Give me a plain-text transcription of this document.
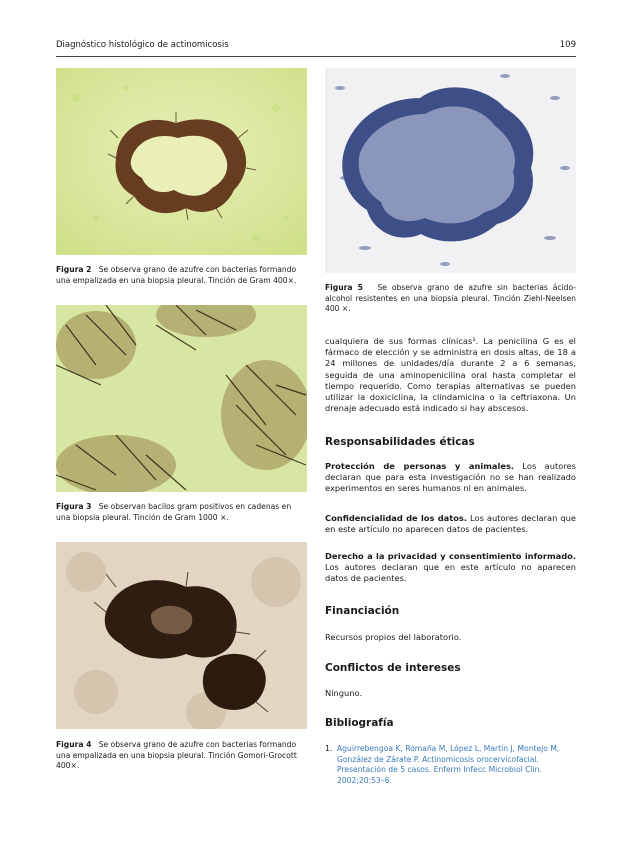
Diagnóstico histológico de actinomicosis	109
Figura 2 Se observa grano de azufre con bacterias formando una empalizada en una biopsia pleural. Tinción de Gram 400×.
Figura 3 Se observan bacilos gram positivos en cadenas en una biopsia pleural. Tinción de Gram 1000 ×.
Figura 4 Se observa grano de azufre con bacterias formando una empalizada en una biopsia pleural. Tinción Gomori-Grocott 400×.
Figura 5 Se observa grano de azufre sin bacterias ácido-alcohol resistentes en una biopsia pleural. Tinción Ziehl-Neelsen 400 ×.
cualquiera de sus formas clínicas¹. La penicilina G es el fármaco de elección y se administra en dosis altas, de 18 a 24 millones de unidades/día durante 2 a 6 semanas, seguida de una aminopenicilina oral hasta completar el tiempo requerido. Como terapias alternativas se pueden utilizar la doxiciclina, la clindamicina o la ceftriaxona. Un drenaje adecuado está indicado si hay abscesos.
Responsabilidades éticas
Protección de personas y animales. Los autores declaran que para esta investigación no se han realizado experimentos en seres humanos ni en animales.
Confidencialidad de los datos. Los autores declaran que en este artículo no aparecen datos de pacientes.
Derecho a la privacidad y consentimiento informado. Los autores declaran que en este artículo no aparecen datos de pacientes.
Financiación
Recursos propios del laboratorio.
Conflictos de intereses
Ninguno.
Bibliografía
1. Aguirrebengoa K, Romaña M, López L, Martín J, Montejo M, González de Zárate P. Actinomicosis orocervicofacial. Presentación de 5 casos. Enferm Infecc Microbiol Clin. 2002;20:53–6.
